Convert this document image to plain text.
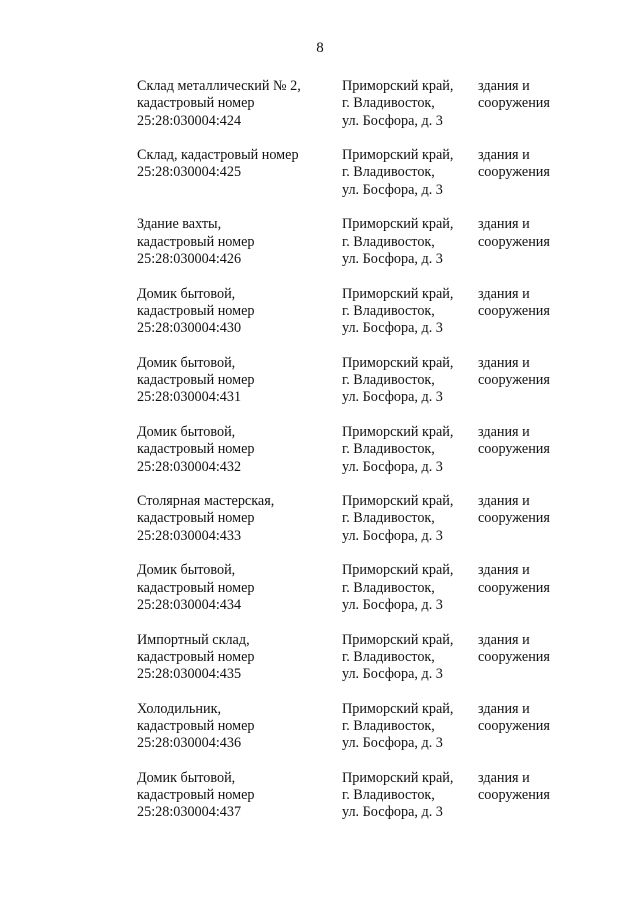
8
Склад металлический № 2,
кадастровый номер
25:28:030004:424
Приморский край,
г. Владивосток,
ул. Босфора, д. 3
здания и
сооружения
Склад, кадастровый номер
25:28:030004:425
Приморский край,
г. Владивосток,
ул. Босфора, д. 3
здания и
сооружения
Здание вахты,
кадастровый номер
25:28:030004:426
Приморский край,
г. Владивосток,
ул. Босфора, д. 3
здания и
сооружения
Домик бытовой,
кадастровый номер
25:28:030004:430
Приморский край,
г. Владивосток,
ул. Босфора, д. 3
здания и
сооружения
Домик бытовой,
кадастровый номер
25:28:030004:431
Приморский край,
г. Владивосток,
ул. Босфора, д. 3
здания и
сооружения
Домик бытовой,
кадастровый номер
25:28:030004:432
Приморский край,
г. Владивосток,
ул. Босфора, д. 3
здания и
сооружения
Столярная мастерская,
кадастровый номер
25:28:030004:433
Приморский край,
г. Владивосток,
ул. Босфора, д. 3
здания и
сооружения
Домик бытовой,
кадастровый номер
25:28:030004:434
Приморский край,
г. Владивосток,
ул. Босфора, д. 3
здания и
сооружения
Импортный склад,
кадастровый номер
25:28:030004:435
Приморский край,
г. Владивосток,
ул. Босфора, д. 3
здания и
сооружения
Холодильник,
кадастровый номер
25:28:030004:436
Приморский край,
г. Владивосток,
ул. Босфора, д. 3
здания и
сооружения
Домик бытовой,
кадастровый номер
25:28:030004:437
Приморский край,
г. Владивосток,
ул. Босфора, д. 3
здания и
сооружения
